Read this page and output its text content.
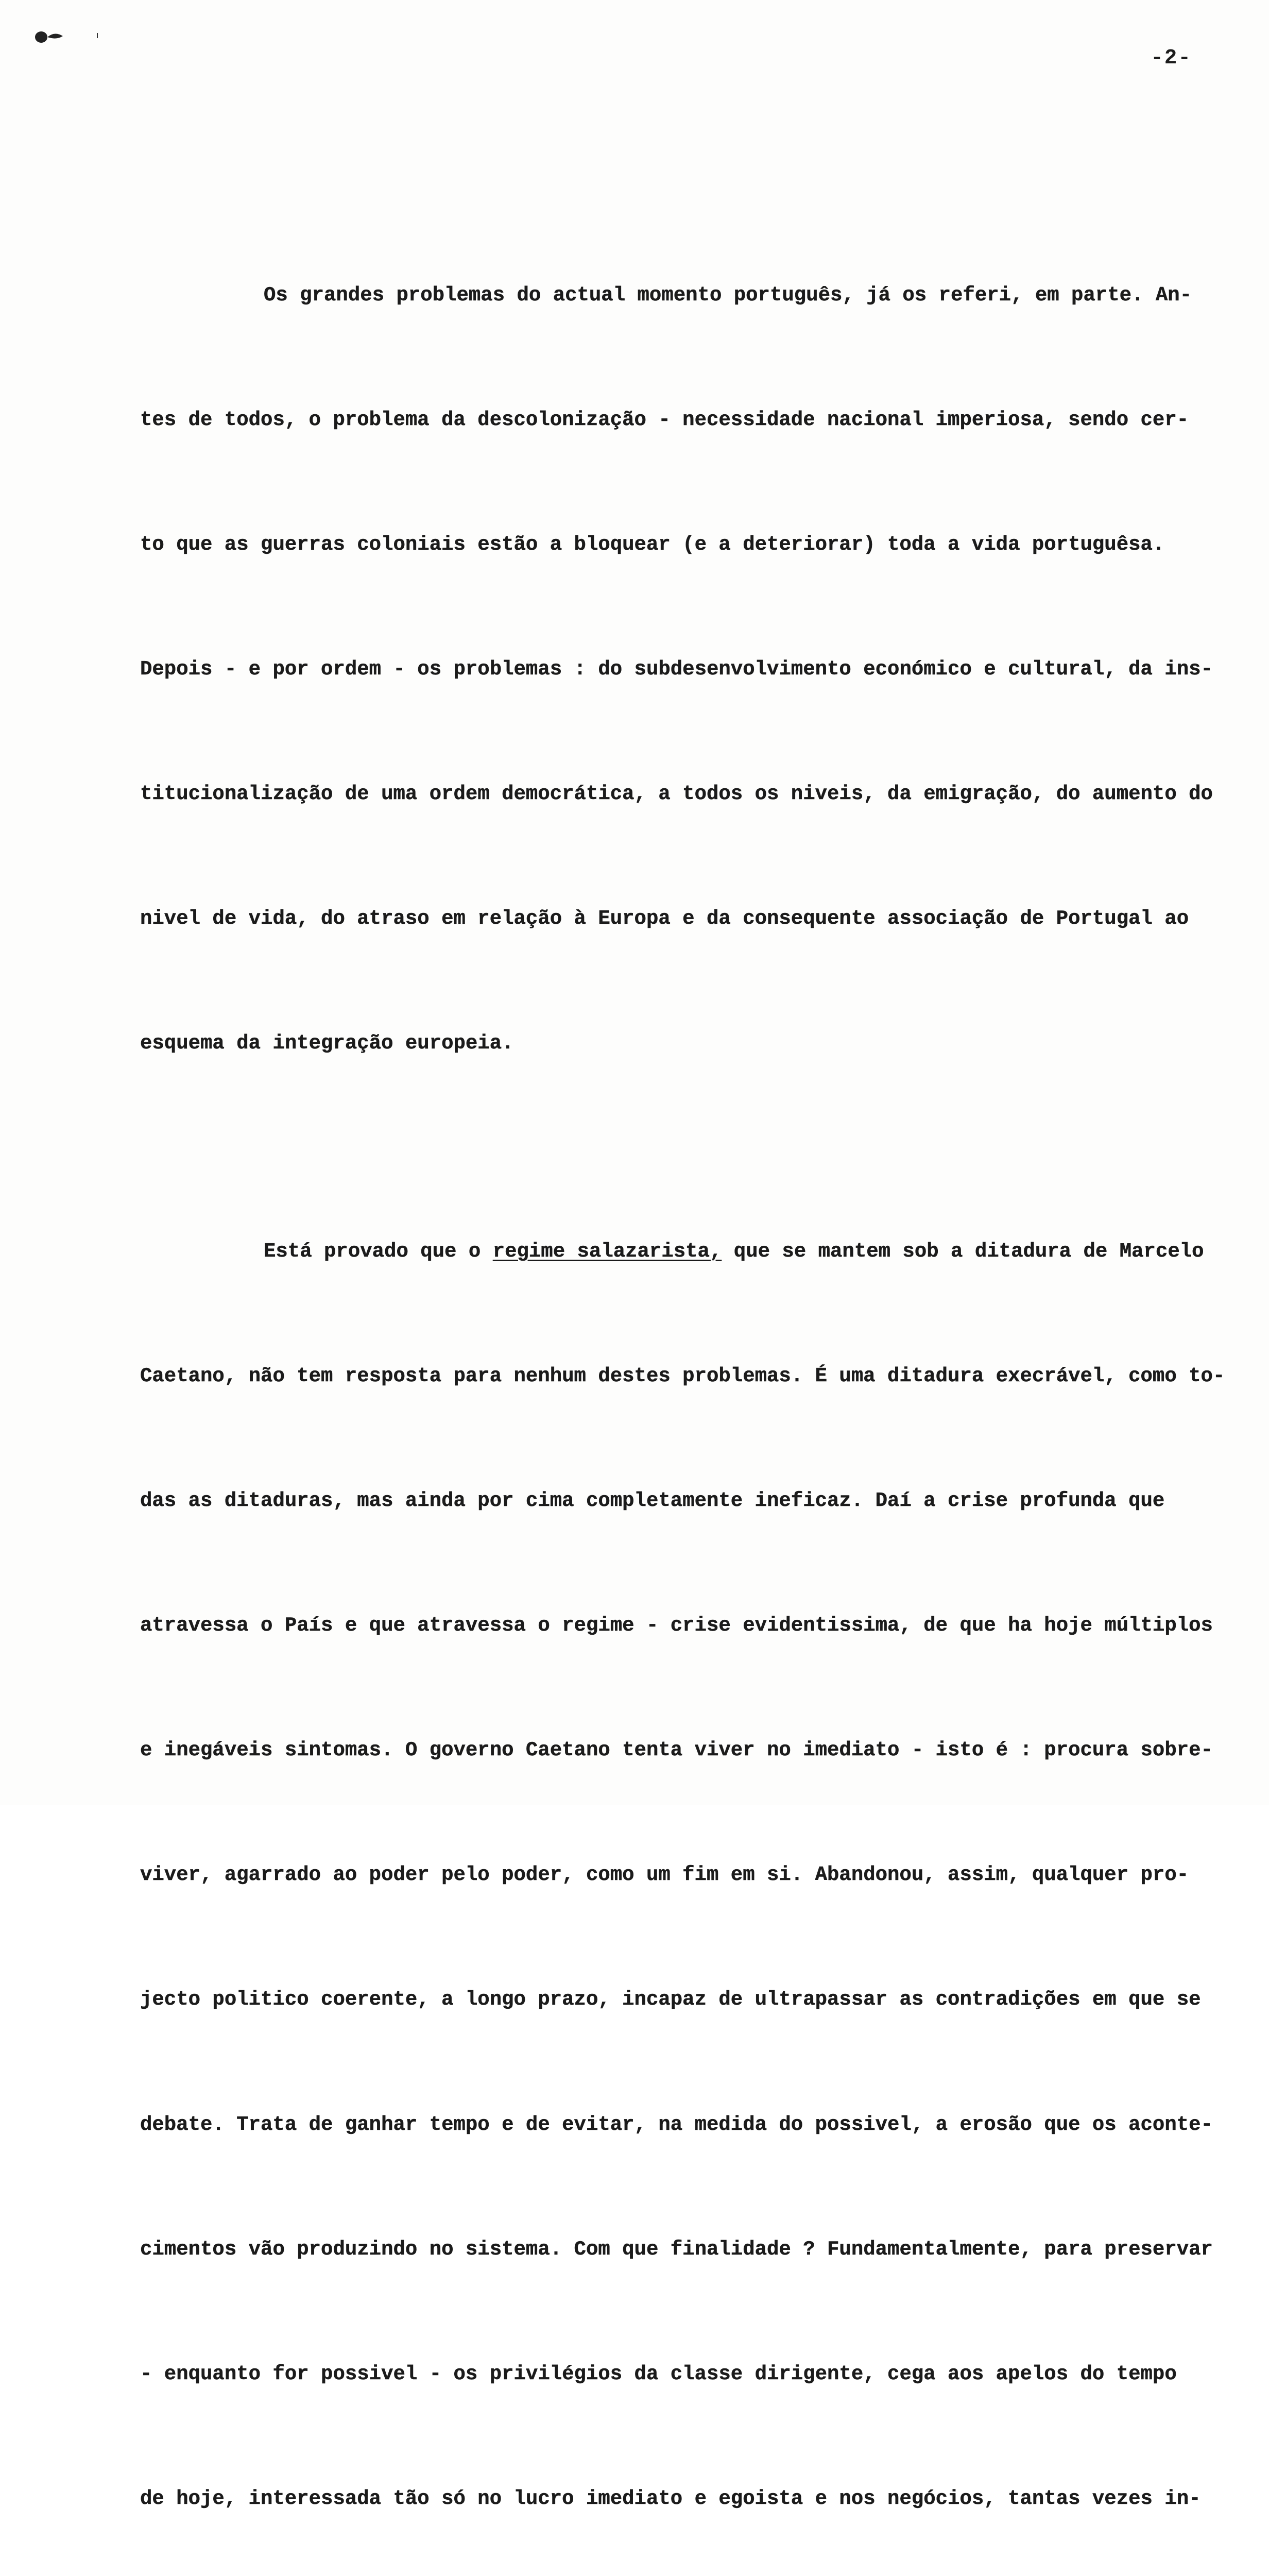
-2-

Os grandes problemas do actual momento português, já os referi, em parte. An-

tes de todos, o problema da descolonização - necessidade nacional imperiosa, sendo cer-

to que as guerras coloniais estão a bloquear (e a deteriorar) toda a vida portuguêsa.

Depois - e por ordem - os problemas : do subdesenvolvimento económico e cultural, da ins-

titucionalização de uma ordem democrática, a todos os niveis, da emigração, do aumento do

nivel de vida, do atraso em relação à Europa e da consequente associação de Portugal ao

esquema da integração europeia.

Está provado que o regime salazarista, que se mantem sob a ditadura de Marcelo

Caetano, não tem resposta para nenhum destes problemas. É uma ditadura execrável, como to-

das as ditaduras, mas ainda por cima completamente ineficaz. Daí a crise profunda que

atravessa o País e que atravessa o regime - crise evidentissima, de que ha hoje múltiplos

e inegáveis sintomas. O governo Caetano tenta viver no imediato - isto é : procura sobre-

viver, agarrado ao poder pelo poder, como um fim em si. Abandonou, assim, qualquer pro-

jecto politico coerente, a longo prazo, incapaz de ultrapassar as contradições em que se

debate. Trata de ganhar tempo e de evitar, na medida do possivel, a erosão que os aconte-

cimentos vão produzindo no sistema. Com que finalidade ? Fundamentalmente, para preservar

- enquanto for possivel - os privilégios da classe dirigente, cega aos apelos do tempo

de hoje, interessada tão só no lucro imediato e egoista e nos negócios, tantas vezes in-
